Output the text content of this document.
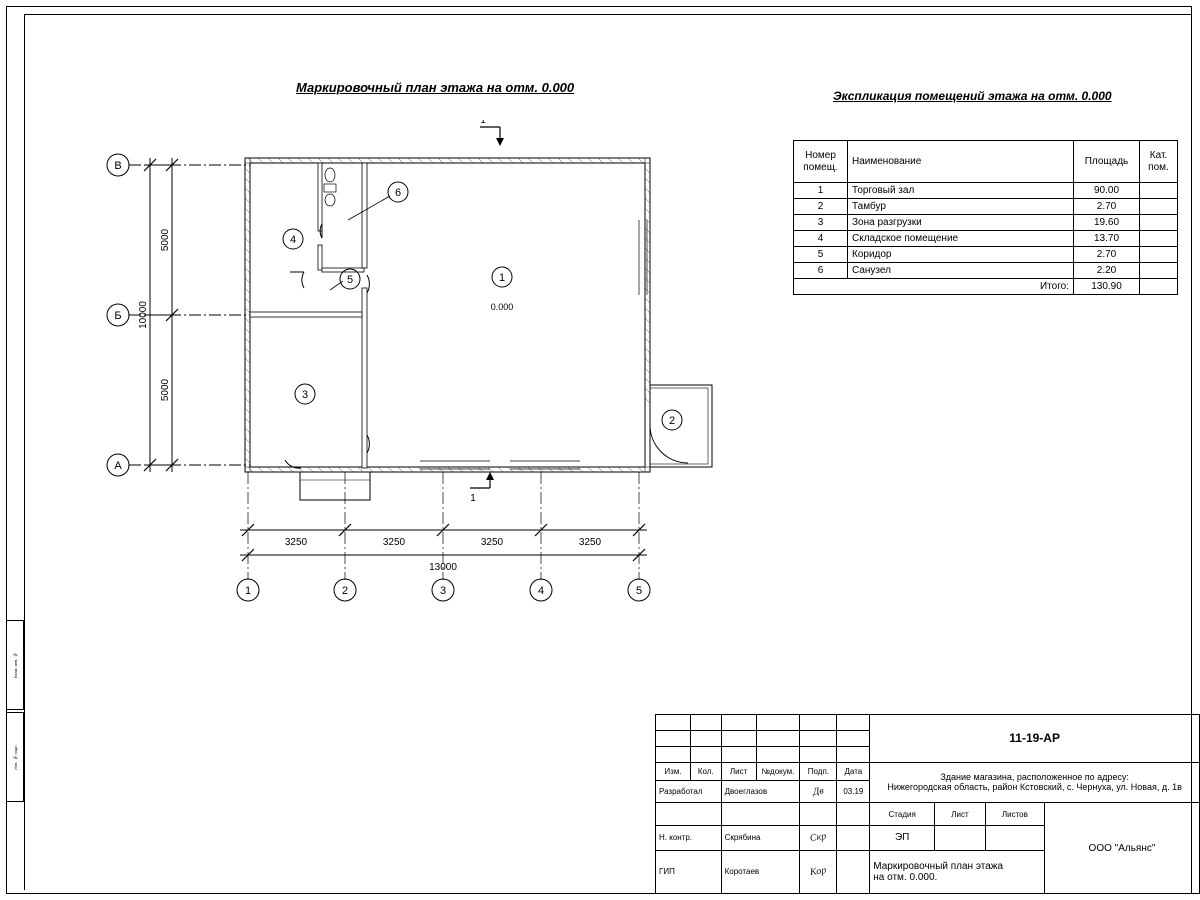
Взам. инв. №
Инв. № подл.
Маркировочный план этажа на отм. 0.000
Экспликация помещений этажа на отм. 0.000
В
Б
А
1	2	3	4	5
4
2
3
5	1
6
0.000
1
1
3250	3250	3250	3250
13000
5000
5000
10000
Номер
помещ.	Наименование	Площадь	Кат.
пом.
1	Торговый зал	90.00	
2	Тамбур	2.70	
3	Зона разгрузки	19.60	
4	Складское помещение	13.70	
5	Коридор	2.70	
6	Санузел	2.20	
Итого:		130.90	
						11-19-АР			

Изм.	Кол.	Лист	№докум.	Подп.	Дата	Здание магазина, расположенное по адресу:
Нижегородская область, район Кстовский, с. Чернуха, ул. Новая, д. 1в			

Разработал		Двоеглазов		Дв	03.19				
						Стадия	Лист	Листов	ООО "Альянс"
Н. контр.		Скрябина		Скр		ЭП			
ГИП		Коротаев		Кор		Маркировочный план этажа
на отм. 0.000.			
